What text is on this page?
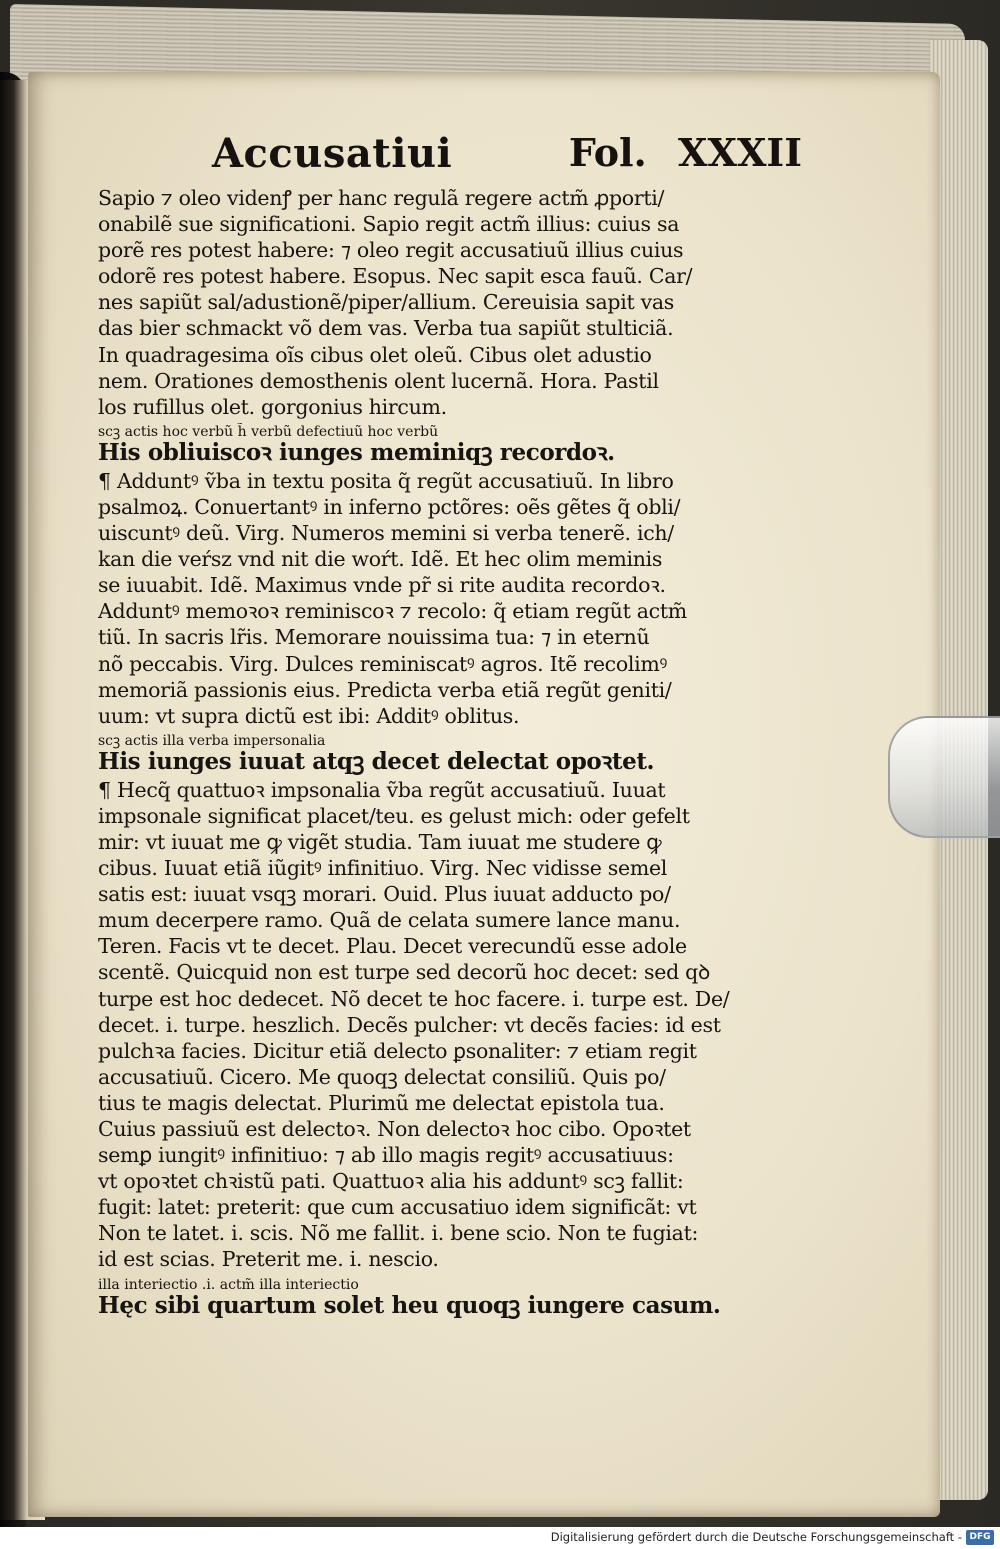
Accusatiui	Fol. XXXII
Sapio ⁊ oleo videnꝭ per hanc regulã regere actm̃ ꝓporti/
onabilẽ sue significationi. Sapio regit actm̃ illius: cuius sa
porẽ res potest habere: ⁊ oleo regit accusatiuũ illius cuius
odorẽ res potest habere. Esopus. Nec sapit esca fauũ. Car/
nes sapiũt sal/adustionẽ/piper/allium. Cereuisia sapit vas
das bier schmackt võ dem vas. Verba tua sapiũt stulticiã.
In quadragesima oĩs cibus olet oleũ. Cibus olet adustio
nem. Orationes demosthenis olent lucernã. Hora. Pastil
los rufillus olet. gorgonius hircum.
scꝫ actis hoc verbũ h̃ verbũ defectiuũ hoc verbũ
His obliuiscoꝛ iunges meminiqꝫ recordoꝛ.
¶ Adduntꝰ ṽba in textu posita q̃ regũt accusatiuũ. In libro
psalmoꝝ. Conuertantꝰ in inferno pctõres: oẽs gẽtes q̃ obli/
uiscuntꝰ deũ. Virg. Numeros memini si verba tenerẽ. ich/
kan die veŕsz vnd nit die woŕt. Idẽ. Et hec olim meminis
se iuuabit. Idẽ. Maximus vnde pr̃ si rite audita recordoꝛ.
Adduntꝰ memoꝛoꝛ reminiscoꝛ ⁊ recolo: q̃ etiam regũt actm̃
tiũ. In sacris lr̃is. Memorare nouissima tua: ⁊ in eternũ
nõ peccabis. Virg. Dulces reminiscatꝰ agros. Itẽ recolimꝰ
memoriã passionis eius. Predicta verba etiã regũt geniti/
uum: vt supra dictũ est ibi: Additꝰ oblitus.
scꝫ actis illa verba impersonalia
His iunges iuuat atqꝫ decet delectat opoꝛtet.
¶ Hecq̃ quattuoꝛ impsonalia ṽba regũt accusatiuũ. Iuuat
impsonale significat placet/teu. es gelust mich: oder gefelt
mir: vt iuuat me ꝙ vigẽt studia. Tam iuuat me studere ꝙ
cibus. Iuuat etiã iũgitꝰ infinitiuo. Virg. Nec vidisse semel
satis est: iuuat vsqꝫ morari. Ouid. Plus iuuat adducto po/
mum decerpere ramo. Quã de celata sumere lance manu.
Teren. Facis vt te decet. Plau. Decet verecundũ esse adole
scentẽ. Quicquid non est turpe sed decorũ hoc decet: sed qꝺ
turpe est hoc dedecet. Nõ decet te hoc facere. i. turpe est. De/
decet. i. turpe. heszlich. Decẽs pulcher: vt decẽs facies: id est
pulchꝛa facies. Dicitur etiã delecto ꝑsonaliter: ⁊ etiam regit
accusatiuũ. Cicero. Me quoqꝫ delectat consiliũ. Quis po/
tius te magis delectat. Plurimũ me delectat epistola tua.
Cuius passiuũ est delectoꝛ. Non delectoꝛ hoc cibo. Opoꝛtet
semꝑ iungitꝰ infinitiuo: ⁊ ab illo magis regitꝰ accusatiuus:
vt opoꝛtet chꝛistũ pati. Quattuoꝛ alia his adduntꝰ scꝫ fallit:
fugit: latet: preterit: que cum accusatiuo idem significãt: vt
Non te latet. i. scis. Nõ me fallit. i. bene scio. Non te fugiat:
id est scias. Preterit me. i. nescio.
illa interiectio .i. actm̃ illa interiectio
Hęc sibi quartum solet heu quoqꝫ iungere casum.
Digitalisierung gefördert durch die Deutsche Forschungsgemeinschaft - DFG
